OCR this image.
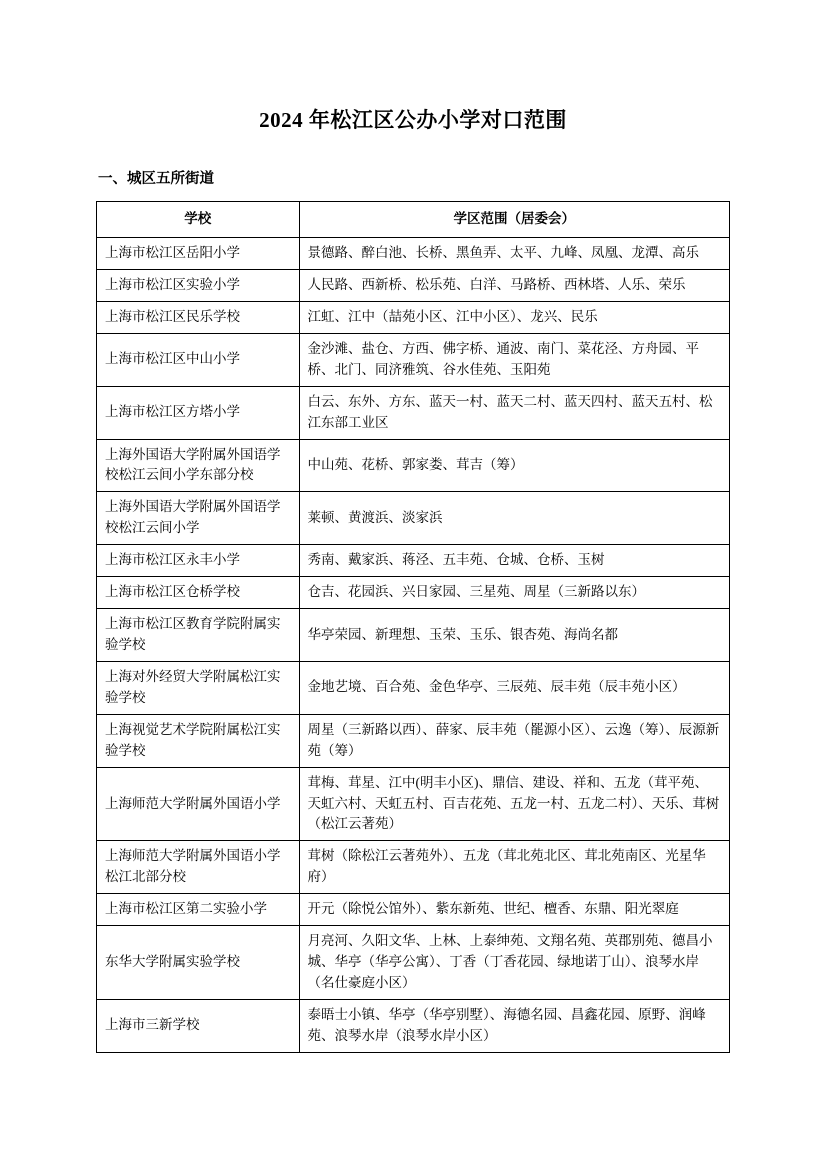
2024 年松江区公办小学对口范围
一、城区五所街道
学校	学区范围（居委会）

上海市松江区岳阳小学	景德路、醉白池、长桥、黑鱼弄、太平、九峰、凤凰、龙潭、高乐

上海市松江区实验小学	人民路、西新桥、松乐苑、白洋、马路桥、西林塔、人乐、荣乐

上海市松江区民乐学校	江虹、江中（喆苑小区、江中小区）、龙兴、民乐

上海市松江区中山小学	金沙滩、盐仓、方西、佛字桥、通波、南门、菜花泾、方舟园、平桥、北门、同济雅筑、谷水佳苑、玉阳苑

上海市松江区方塔小学	白云、东外、方东、蓝天一村、蓝天二村、蓝天四村、蓝天五村、松江东部工业区

上海外国语大学附属外国语学校松江云间小学东部分校	中山苑、花桥、郭家娄、茸吉（筹）

上海外国语大学附属外国语学校松江云间小学	莱顿、黄渡浜、淡家浜

上海市松江区永丰小学	秀南、戴家浜、蒋泾、五丰苑、仓城、仓桥、玉树

上海市松江区仓桥学校	仓吉、花园浜、兴日家园、三星苑、周星（三新路以东）

上海市松江区教育学院附属实验学校	华亭荣园、新理想、玉荣、玉乐、银杏苑、海尚名都

上海对外经贸大学附属松江实验学校	金地艺境、百合苑、金色华亭、三辰苑、辰丰苑（辰丰苑小区）

上海视觉艺术学院附属松江实验学校	周星（三新路以西）、薛家、辰丰苑（罷源小区）、云逸（筹）、辰源新苑（筹）

上海师范大学附属外国语小学	茸梅、茸星、江中(明丰小区)、鼎信、建设、祥和、五龙（茸平苑、天虹六村、天虹五村、百吉花苑、五龙一村、五龙二村）、天乐、茸树（松江云著苑）

上海师范大学附属外国语小学松江北部分校	茸树（除松江云著苑外）、五龙（茸北苑北区、茸北苑南区、光星华府）

上海市松江区第二实验小学	开元（除悦公馆外）、紫东新苑、世纪、檀香、东鼎、阳光翠庭

东华大学附属实验学校	月亮河、久阳文华、上林、上泰绅苑、文翔名苑、英郡别苑、德昌小城、华亭（华亭公寓）、丁香（丁香花园、绿地诺丁山）、浪琴水岸（名仕豪庭小区）

上海市三新学校	泰晤士小镇、华亭（华亭别墅）、海德名园、昌鑫花园、原野、润峰苑、浪琴水岸（浪琴水岸小区）
